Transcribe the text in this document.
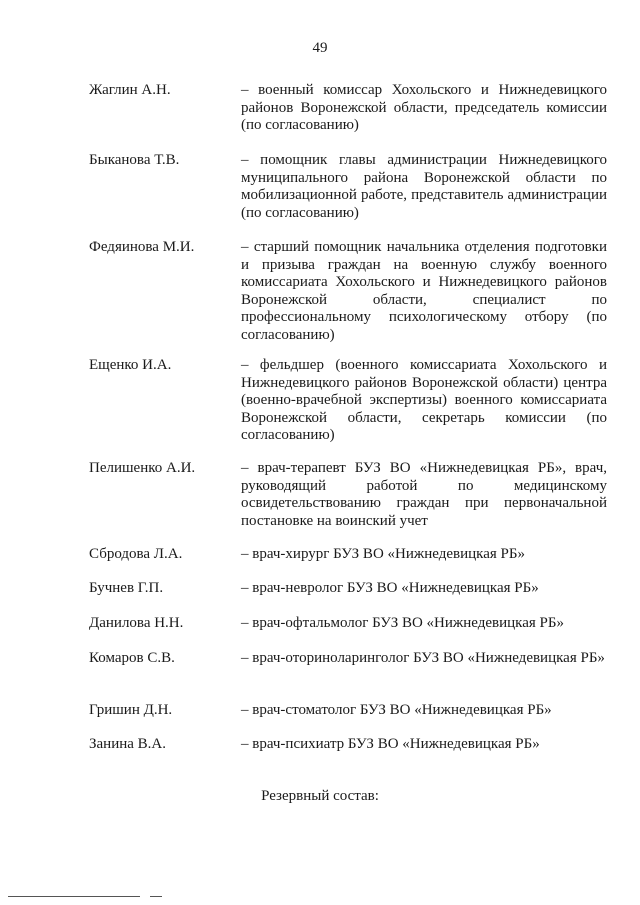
49
Жаглин А.Н.	– военный комиссар Хохольского и Нижнедевицкого районов Воронежской области, председатель комиссии (по согласованию)
Быканова Т.В.	– помощник главы администрации Нижнедевицкого муниципального района Воронежской области по мобилизационной работе, представитель администрации (по согласованию)
Федяинова М.И.	– старший помощник начальника отделения подготовки и призыва граждан на военную службу военного комиссариата Хохольского и Нижнедевицкого районов Воронежской области, специалист по профессиональному психологическому отбору (по согласованию)
Ещенко И.А.	– фельдшер (военного комиссариата Хохольского и Нижнедевицкого районов Воронежской области) центра (военно-врачебной экспертизы) военного комиссариата Воронежской области, секретарь комиссии (по согласованию)
Пелишенко А.И.	– врач-терапевт БУЗ ВО «Нижнедевицкая РБ», врач, руководящий работой по медицинскому освидетельствованию граждан при первоначальной постановке на воинский учет
Сбродова Л.А.	– врач-хирург БУЗ ВО «Нижнедевицкая РБ»
Бучнев Г.П.	– врач-невролог БУЗ ВО «Нижнедевицкая РБ»
Данилова Н.Н.	– врач-офтальмолог БУЗ ВО «Нижнедевицкая РБ»
Комаров С.В.	– врач-оториноларинголог БУЗ ВО «Нижнедевицкая РБ»
Гришин Д.Н.	– врач-стоматолог БУЗ ВО «Нижнедевицкая РБ»
Занина В.А.	– врач-психиатр БУЗ ВО «Нижнедевицкая РБ»
Резервный состав:
